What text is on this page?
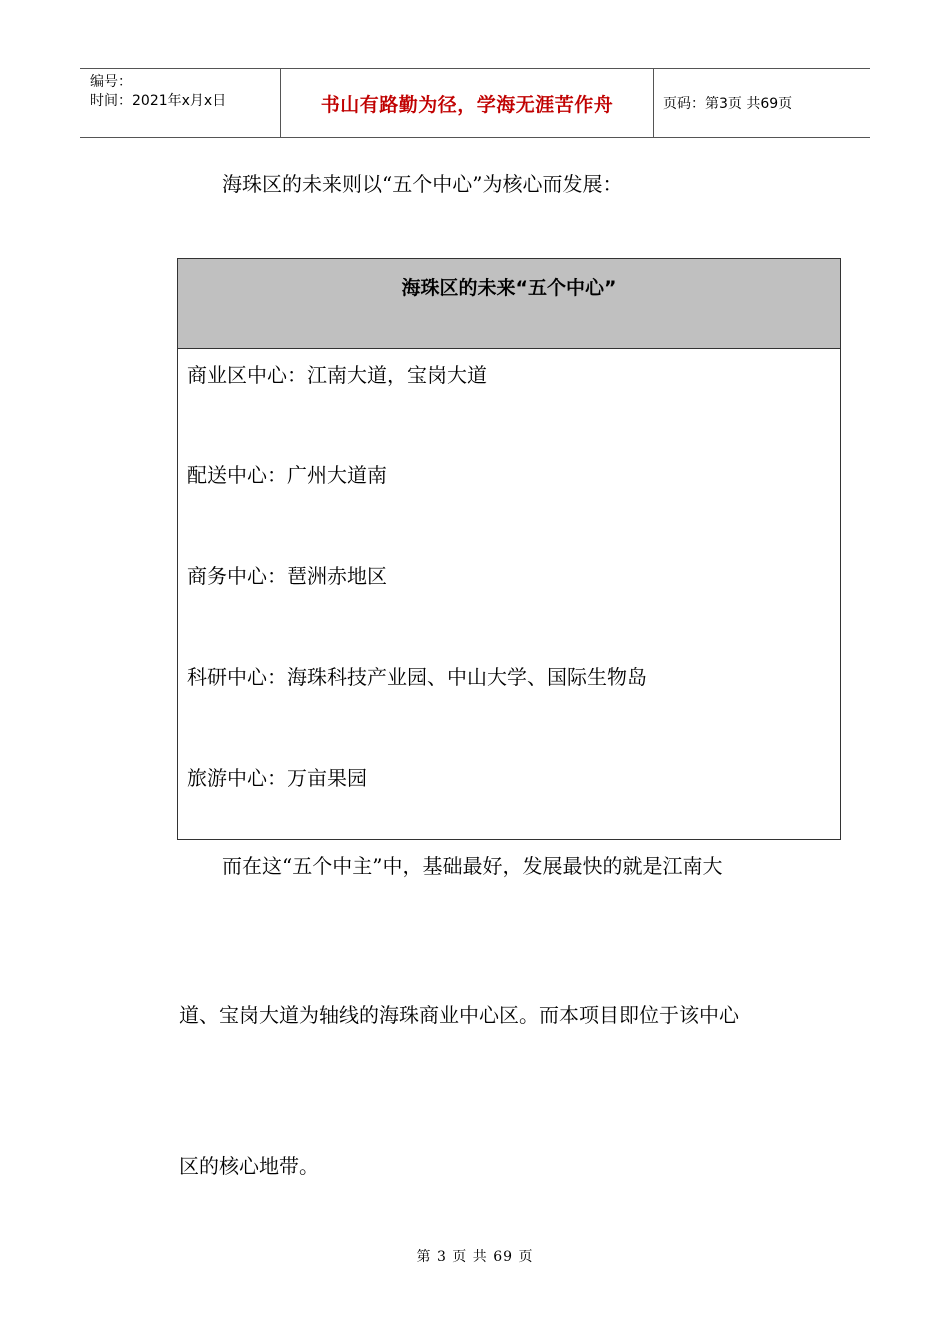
编号：
时间：2021年x月x日	书山有路勤为径，学海无涯苦作舟	页码：第3页 共69页
海珠区的未来则以“五个中心”为核心而发展：
海珠区的未来“五个中心”
商业区中心：江南大道，宝岗大道
配送中心：广州大道南
商务中心：琶洲赤地区
科研中心：海珠科技产业园、中山大学、国际生物岛
旅游中心：万亩果园
而在这“五个中主”中，基础最好，发展最快的就是江南大
道、宝岗大道为轴线的海珠商业中心区。而本项目即位于该中心
区的核心地带。
第 3 页 共 69 页
